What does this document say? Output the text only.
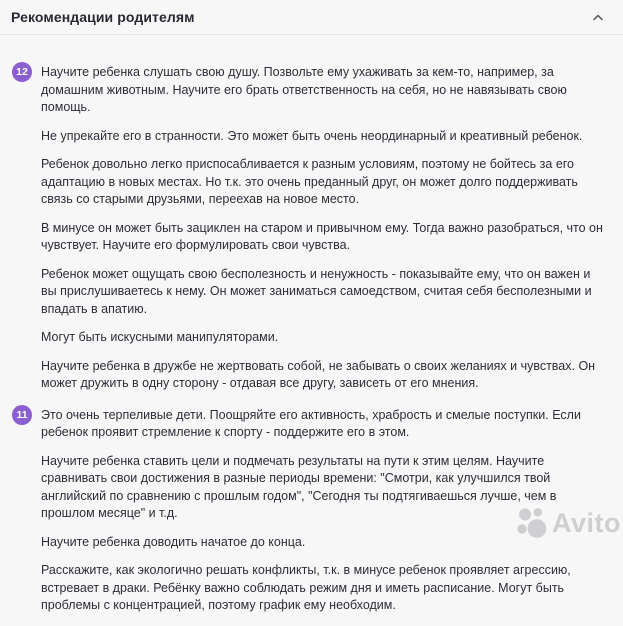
Рекомендации родителям
12	Научите ребенка слушать свою душу. Позвольте ему ухаживать за кем-то, например, за домашним животным. Научите его брать ответственность на себя, но не навязывать свою помощь.

Не упрекайте его в странности. Это может быть очень неординарный и креативный ребенок.

Ребенок довольно легко приспосабливается к разным условиям, поэтому не бойтесь за его адаптацию в новых местах. Но т.к. это очень преданный друг, он может долго поддерживать связь со старыми друзьями, переехав на новое место.

В минусе он может быть зациклен на старом и привычном ему. Тогда важно разобраться, что он чувствует. Научите его формулировать свои чувства.

Ребенок может ощущать свою бесполезность и ненужность - показывайте ему, что он важен и вы прислушиваетесь к нему. Он может заниматься самоедством, считая себя бесполезными и впадать в апатию.

Могут быть искусными манипуляторами.

Научите ребенка в дружбе не жертвовать собой, не забывать о своих желаниях и чувствах. Он может дружить в одну сторону - отдавая все другу, зависеть от его мнения.

11	Это очень терпеливые дети. Поощряйте его активность, храбрость и смелые поступки. Если ребенок проявит стремление к спорту - поддержите его в этом.

Научите ребенка ставить цели и подмечать результаты на пути к этим целям. Научите сравнивать свои достижения в разные периоды времени: "Смотри, как улучшился твой английский по сравнению с прошлым годом", "Сегодня ты подтягиваешься лучше, чем в прошлом месяце" и т.д.

Научите ребенка доводить начатое до конца.

Расскажите, как экологично решать конфликты, т.к. в минусе ребенок проявляет агрессию, встревает в драки. Ребёнку важно соблюдать режим дня и иметь расписание. Могут быть проблемы с концентрацией, поэтому график ему необходим.

Avito
